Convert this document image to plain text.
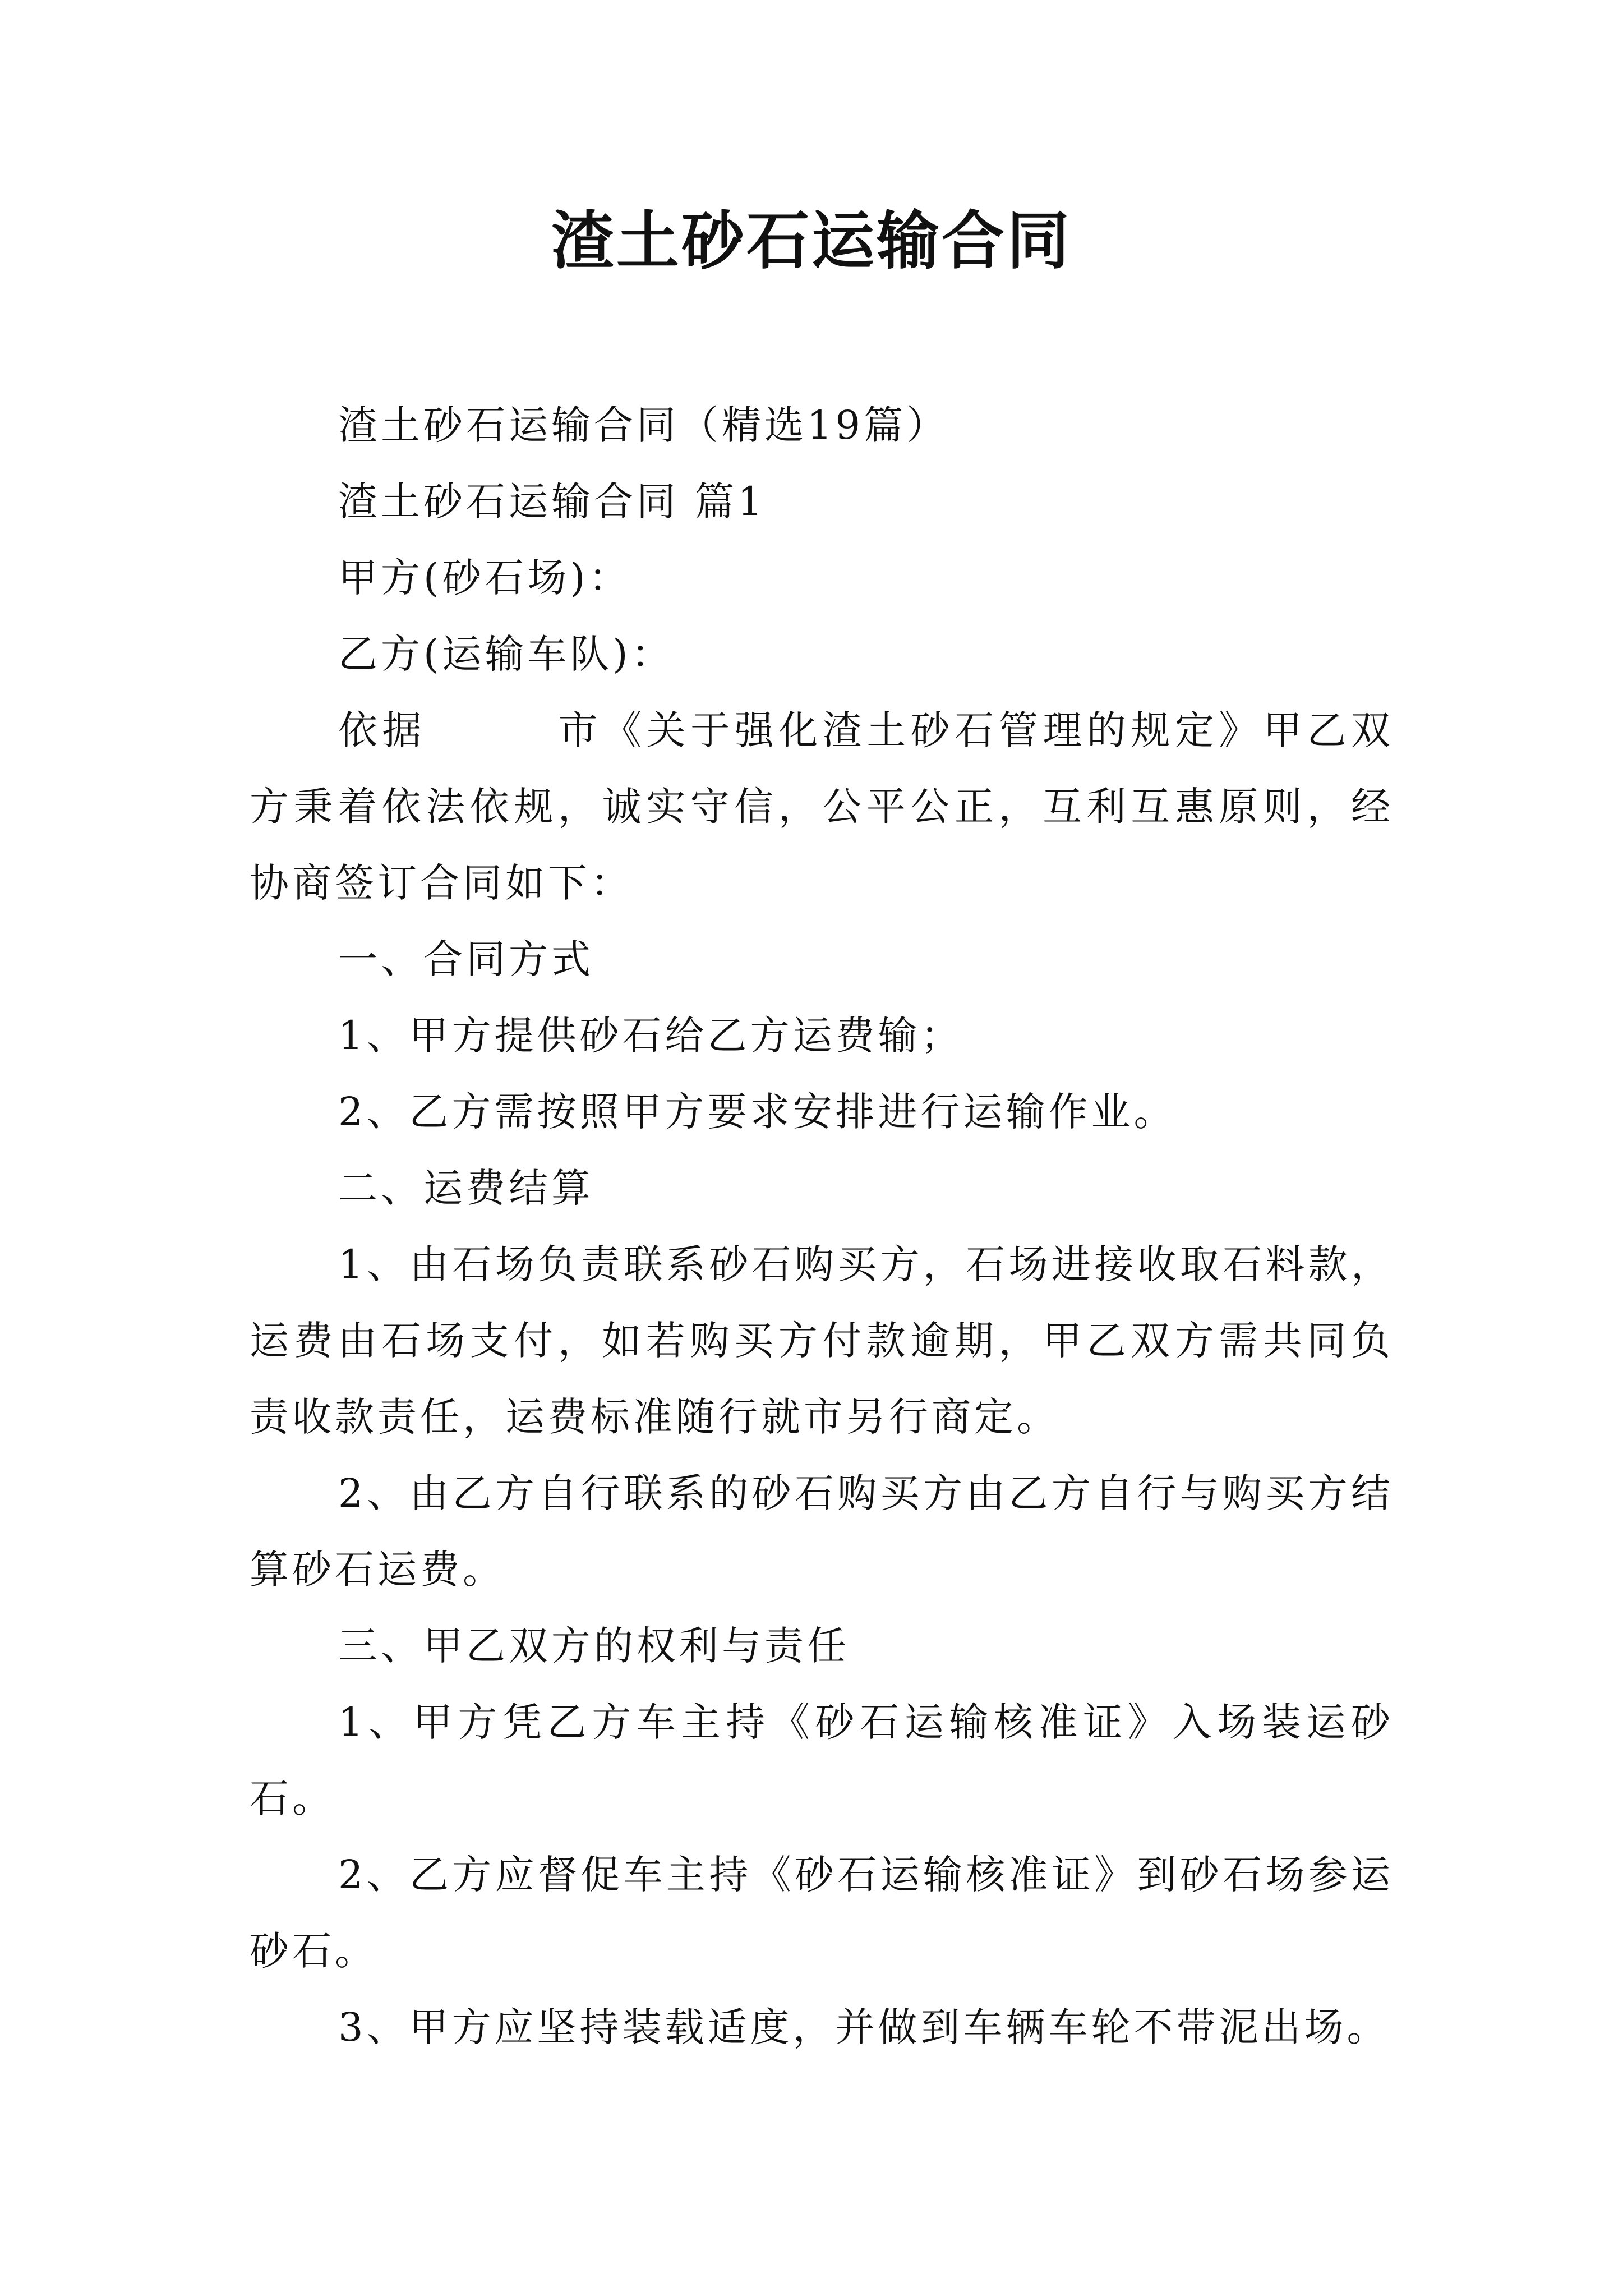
渣土砂石运输合同

渣土砂石运输合同（精选19篇）

渣土砂石运输合同 篇1

甲方(砂石场)：

乙方(运输车队)：

依据　　　市《关于强化渣土砂石管理的规定》甲乙双方秉着依法依规，诚实守信，公平公正，互利互惠原则，经协商签订合同如下：

一、合同方式

1、甲方提供砂石给乙方运费输；

2、乙方需按照甲方要求安排进行运输作业。

二、运费结算

1、由石场负责联系砂石购买方，石场进接收取石料款，运费由石场支付，如若购买方付款逾期，甲乙双方需共同负责收款责任，运费标准随行就市另行商定。

2、由乙方自行联系的砂石购买方由乙方自行与购买方结算砂石运费。

三、甲乙双方的权利与责任

1、甲方凭乙方车主持《砂石运输核准证》入场装运砂石。

2、乙方应督促车主持《砂石运输核准证》到砂石场参运砂石。

3、甲方应坚持装载适度，并做到车辆车轮不带泥出场。
